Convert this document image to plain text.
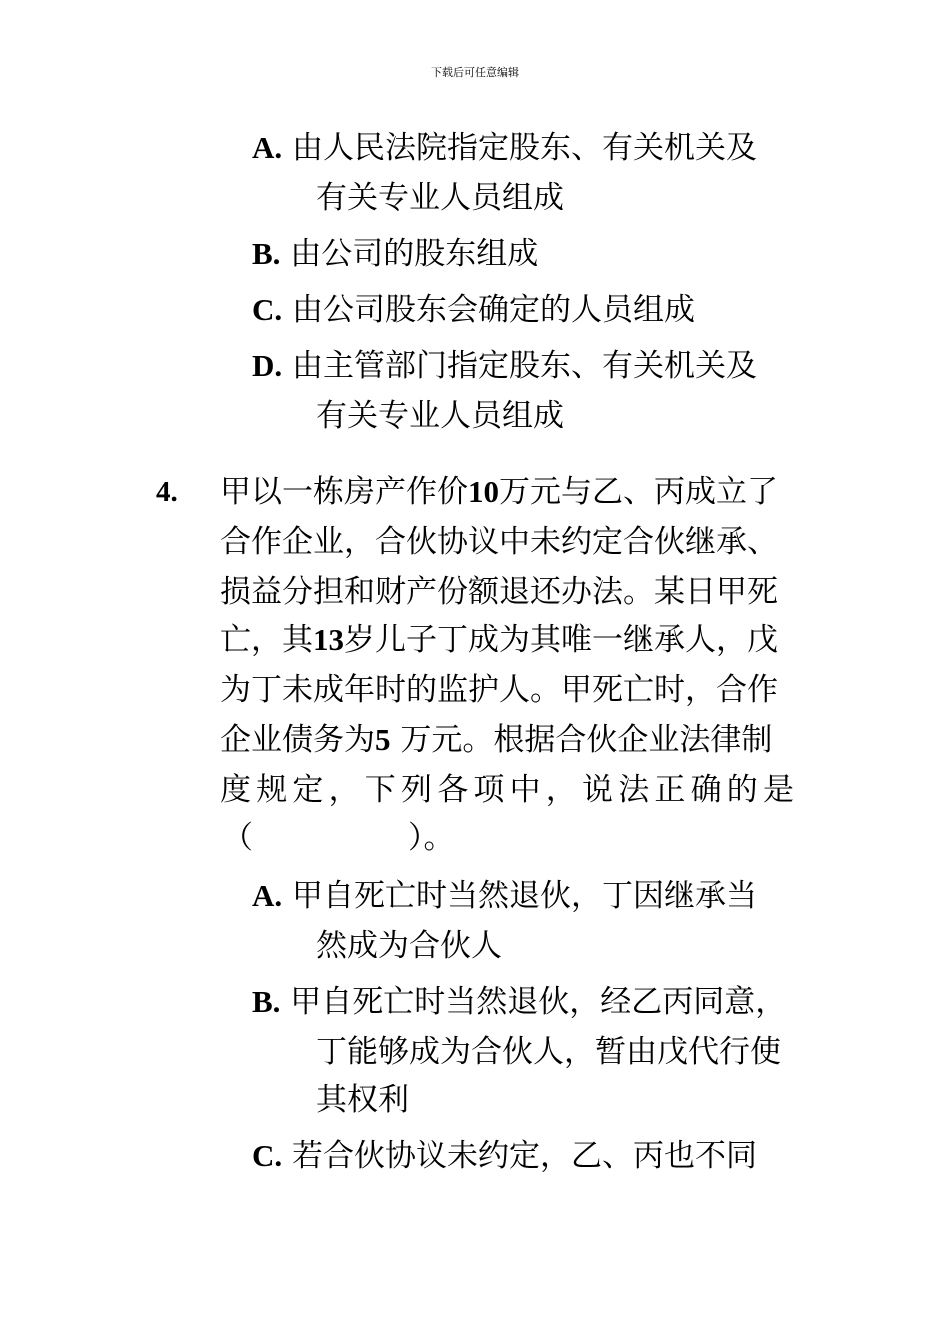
下载后可任意编辑
A. 由人民法院指定股东、有关机关及
有关专业人员组成
B. 由公司的股东组成
C. 由公司股东会确定的人员组成
D. 由主管部门指定股东、有关机关及
有关专业人员组成
4. 甲以一栋房产作价10万元与乙、丙成立了
合作企业，合伙协议中未约定合伙继承、
损益分担和财产份额退还办法。某日甲死
亡，其13岁儿子丁成为其唯一继承人，戊
为丁未成年时的监护人。甲死亡时，合作
企业债务为5 万元。根据合伙企业法律制
度规定，下列各项中，说法正确的是
（　　　　　）。
A. 甲自死亡时当然退伙，丁因继承当
然成为合伙人
B. 甲自死亡时当然退伙，经乙丙同意，
丁能够成为合伙人，暂由戊代行使
其权利
C. 若合伙协议未约定，乙、丙也不同
